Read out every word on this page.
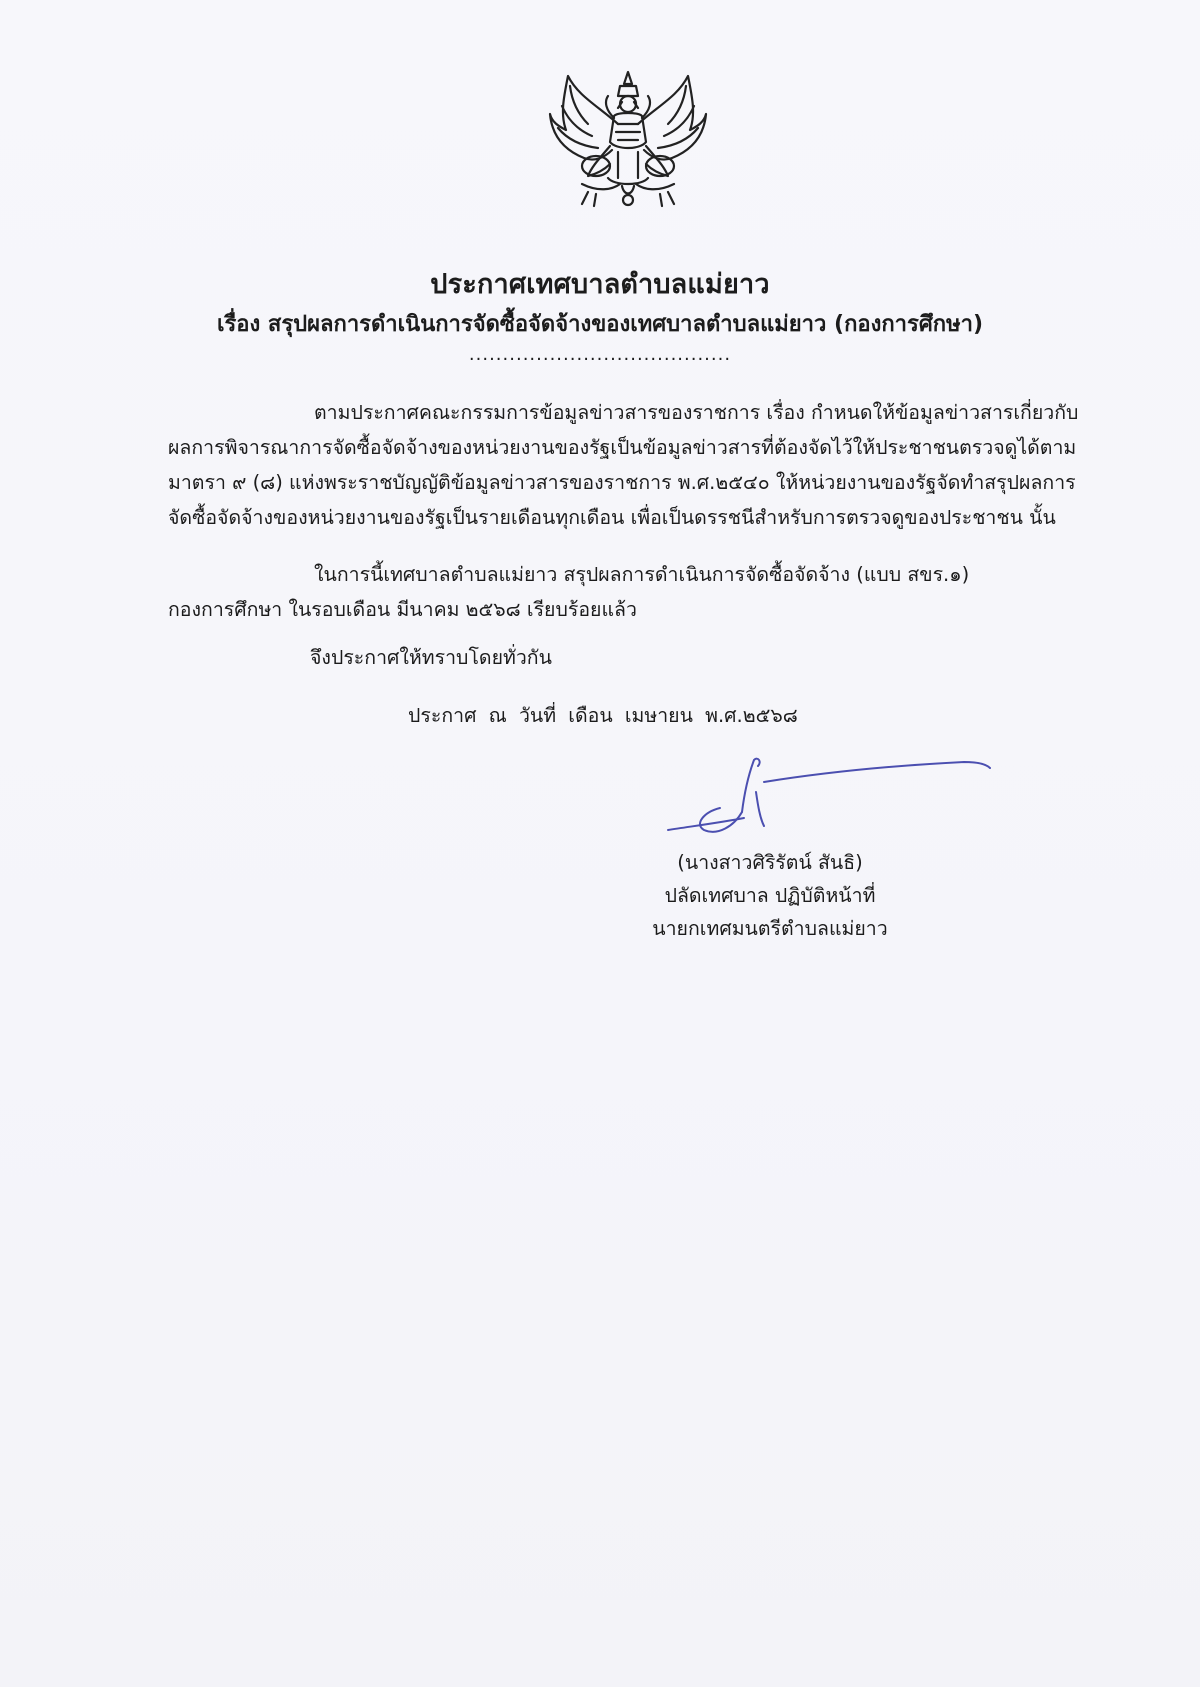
ประกาศเทศบาลตำบลแม่ยาว
เรื่อง สรุปผลการดำเนินการจัดซื้อจัดจ้างของเทศบาลตำบลแม่ยาว (กองการศึกษา)
.......................................
ตามประกาศคณะกรรมการข้อมูลข่าวสารของราชการ เรื่อง กำหนดให้ข้อมูลข่าวสารเกี่ยวกับ
ผลการพิจารณาการจัดซื้อจัดจ้างของหน่วยงานของรัฐเป็นข้อมูลข่าวสารที่ต้องจัดไว้ให้ประชาชนตรวจดูได้ตาม
มาตรา ๙ (๘) แห่งพระราชบัญญัติข้อมูลข่าวสารของราชการ พ.ศ.๒๕๔๐ ให้หน่วยงานของรัฐจัดทำสรุปผลการ
จัดซื้อจัดจ้างของหน่วยงานของรัฐเป็นรายเดือนทุกเดือน เพื่อเป็นดรรชนีสำหรับการตรวจดูของประชาชน นั้น
ในการนี้เทศบาลตำบลแม่ยาว สรุปผลการดำเนินการจัดซื้อจัดจ้าง (แบบ สขร.๑)
กองการศึกษา ในรอบเดือน มีนาคม ๒๕๖๘ เรียบร้อยแล้ว
จึงประกาศให้ทราบโดยทั่วกัน
ประกาศ ณ วันที่ เดือน เมษายน พ.ศ.๒๕๖๘
(นางสาวศิริรัตน์ สันธิ)
ปลัดเทศบาล ปฏิบัติหน้าที่
นายกเทศมนตรีตำบลแม่ยาว
